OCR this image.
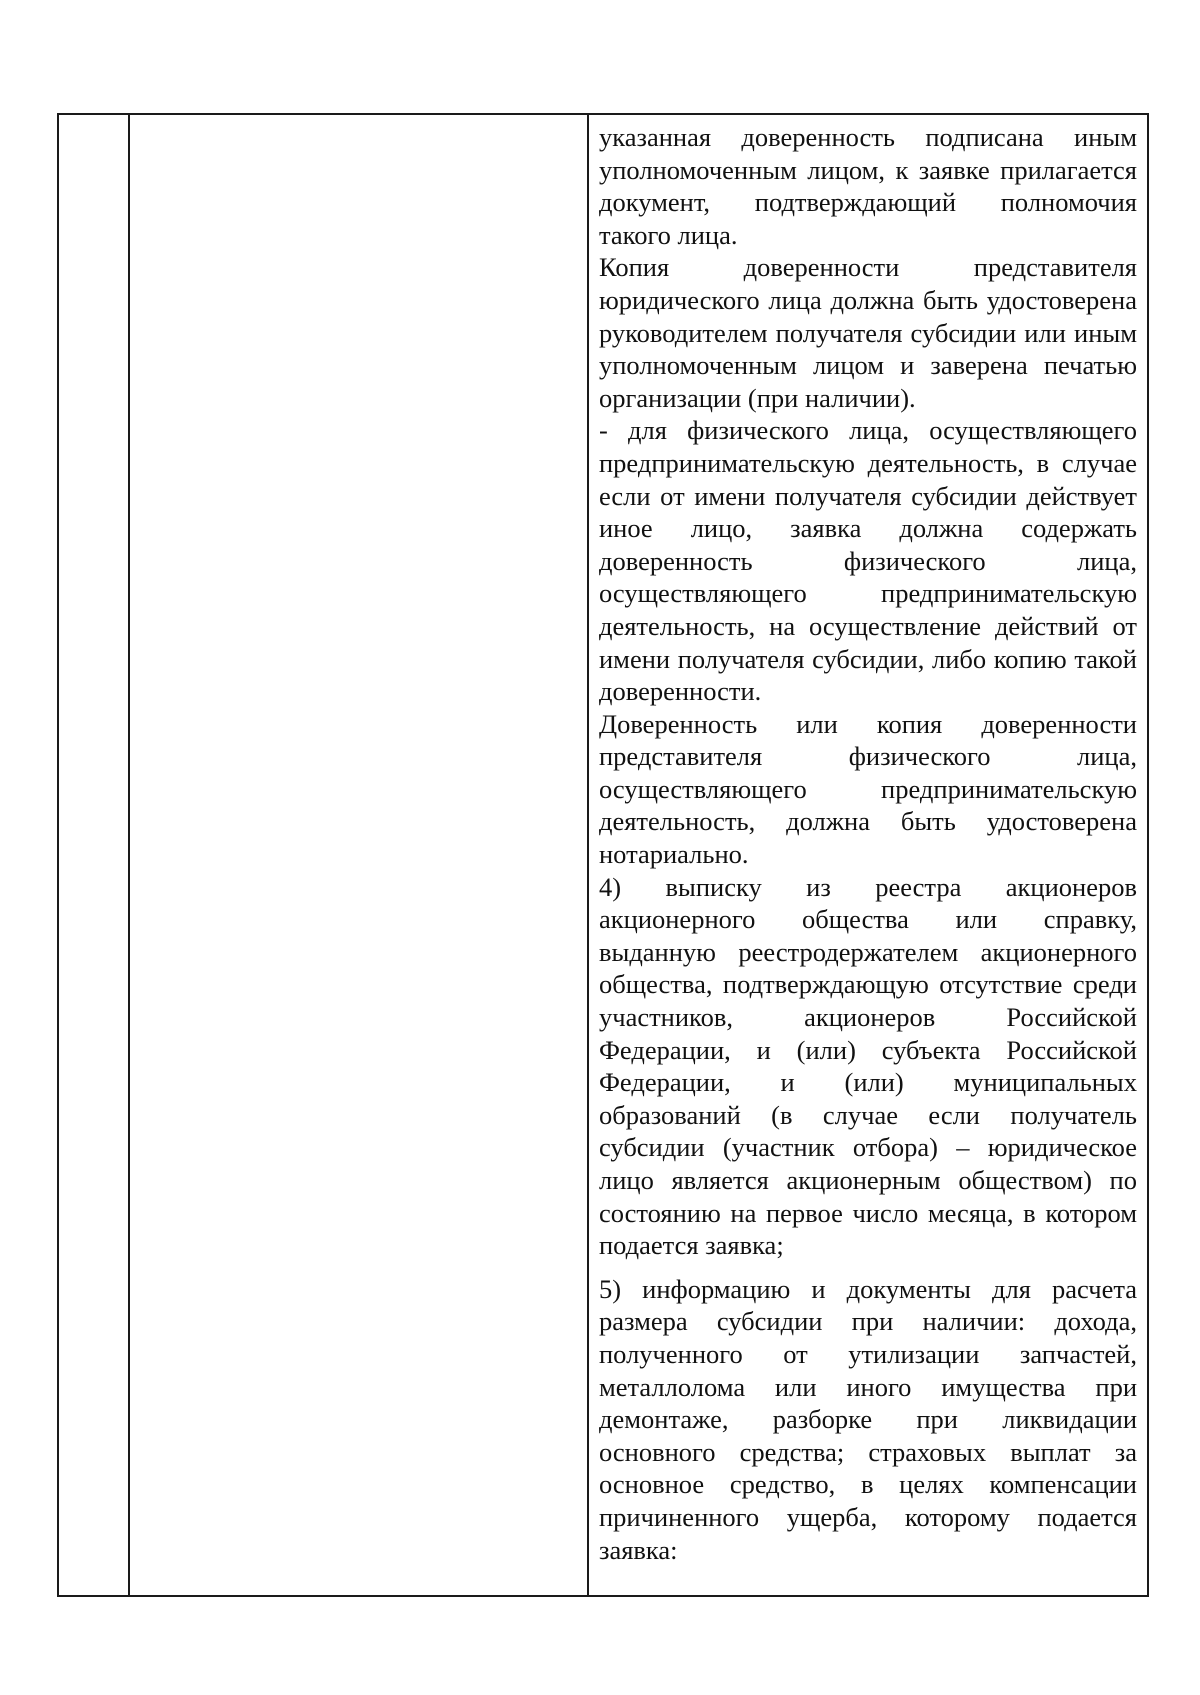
указанная доверенность подписана иным уполномоченным лицом, к заявке прилагается документ, подтверждающий полномочия такого лица.

Копия доверенности представителя юридического лица должна быть удостоверена руководителем получателя субсидии или иным уполномоченным лицом и заверена печатью организации (при наличии).

- для физического лица, осуществляющего предпринимательскую деятельность, в случае если от имени получателя субсидии действует иное лицо, заявка должна содержать доверенность физического лица, осуществляющего предпринимательскую деятельность, на осуществление действий от имени получателя субсидии, либо копию такой доверенности.

Доверенность или копия доверенности представителя физического лица, осуществляющего предпринимательскую деятельность, должна быть удостоверена нотариально.

4) выписку из реестра акционеров акционерного общества или справку, выданную реестродержателем акционерного общества, подтверждающую отсутствие среди участников, акционеров Российской Федерации, и (или) субъекта Российской Федерации, и (или) муниципальных образований (в случае если получатель субсидии (участник отбора) – юридическое лицо является акционерным обществом) по состоянию на первое число месяца, в котором подается заявка;

5) информацию и документы для расчета размера субсидии при наличии: дохода, полученного от утилизации запчастей, металлолома или иного имущества при демонтаже, разборке при ликвидации основного средства; страховых выплат за основное средство, в целях компенсации причиненного ущерба, которому подается заявка:
